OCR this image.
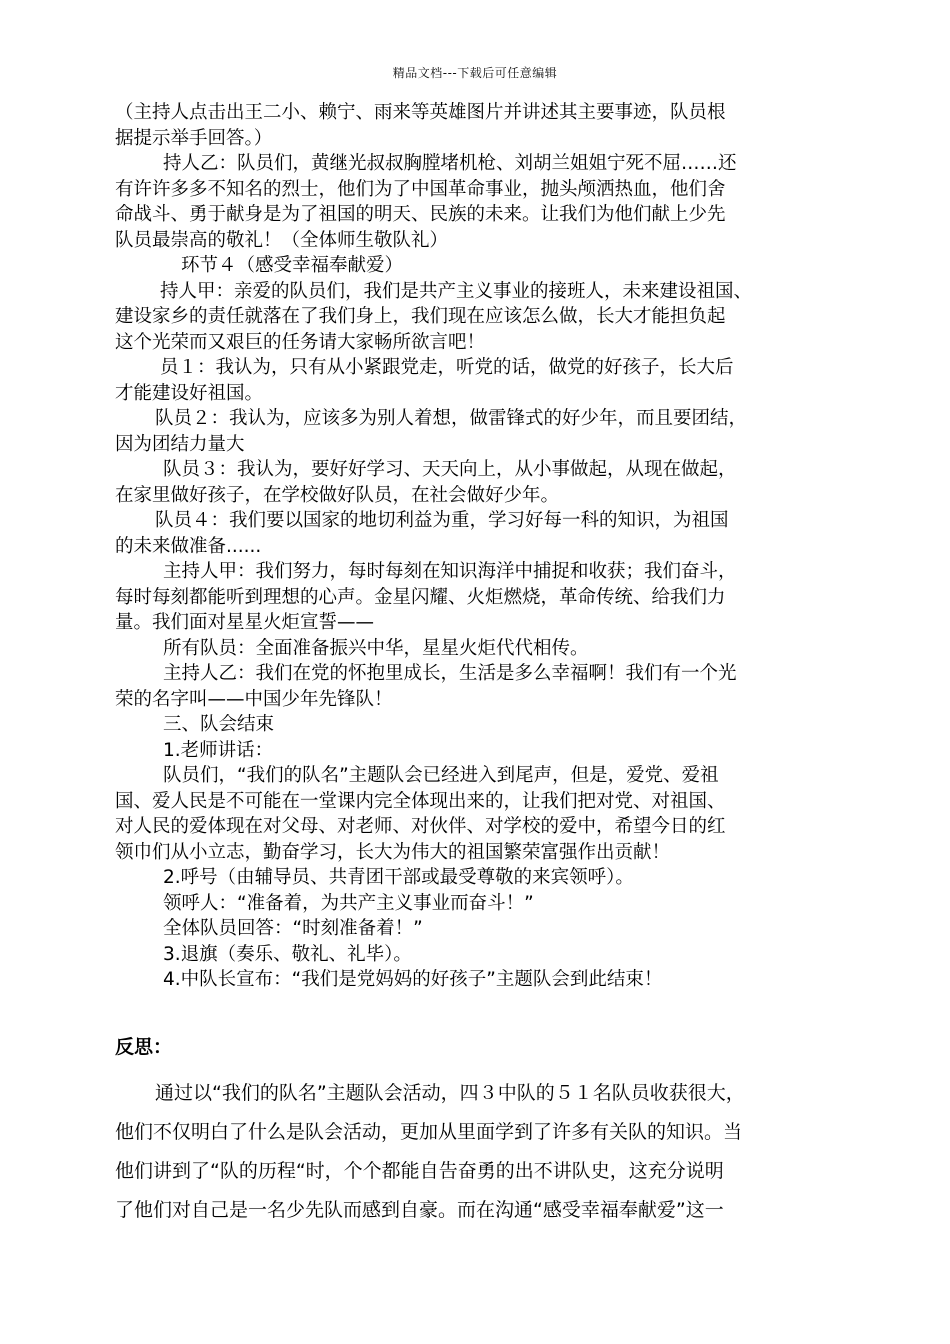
精品文档---下载后可任意编辑

（主持人点击出王二小、赖宁、雨来等英雄图片并讲述其主要事迹，队员根

据提示举手回答。）

持人乙：队员们，黄继光叔叔胸膛堵机枪、刘胡兰姐姐宁死不屈……还

有许许多多不知名的烈士，他们为了中国革命事业，抛头颅洒热血，他们舍

命战斗、勇于献身是为了祖国的明天、民族的未来。让我们为他们献上少先

队员最崇高的敬礼！（全体师生敬队礼）

环节４（感受幸福奉献爱）

持人甲：亲爱的队员们，我们是共产主义事业的接班人，未来建设祖国、

建设家乡的责任就落在了我们身上，我们现在应该怎么做，长大才能担负起

这个光荣而又艰巨的任务请大家畅所欲言吧！

员１：我认为，只有从小紧跟党走，听党的话，做党的好孩子，长大后

才能建设好祖国。

队员２：我认为，应该多为别人着想，做雷锋式的好少年，而且要团结，

因为团结力量大

队员３：我认为，要好好学习、天天向上，从小事做起，从现在做起，

在家里做好孩子，在学校做好队员，在社会做好少年。

队员４：我们要以国家的地切利益为重，学习好每一科的知识，为祖国

的未来做准备......

主持人甲：我们努力，每时每刻在知识海洋中捕捉和收获；我们奋斗，

每时每刻都能听到理想的心声。金星闪耀、火炬燃烧，革命传统、给我们力

量。我们面对星星火炬宣誓——

所有队员：全面准备振兴中华，星星火炬代代相传。

主持人乙：我们在党的怀抱里成长，生活是多么幸福啊！我们有一个光

荣的名字叫——中国少年先锋队！

三、队会结束

1.老师讲话：

队员们，“我们的队名”主题队会已经进入到尾声，但是，爱党、爱祖

国、爱人民是不可能在一堂课内完全体现出来的，让我们把对党、对祖国、

对人民的爱体现在对父母、对老师、对伙伴、对学校的爱中，希望今日的红

领巾们从小立志，勤奋学习，长大为伟大的祖国繁荣富强作出贡献！

2.呼号（由辅导员、共青团干部或最受尊敬的来宾领呼）。

领呼人：“准备着，为共产主义事业而奋斗！”

全体队员回答：“时刻准备着！”

3.退旗（奏乐、敬礼、礼毕）。

4.中队长宣布：“我们是党妈妈的好孩子”主题队会到此结束！

反思：

通过以“我们的队名”主题队会活动，四３中队的５１名队员收获很大，

他们不仅明白了什么是队会活动，更加从里面学到了许多有关队的知识。当

他们讲到了“队的历程“时，个个都能自告奋勇的出不讲队史，这充分说明

了他们对自己是一名少先队而感到自豪。而在沟通“感受幸福奉献爱”这一
